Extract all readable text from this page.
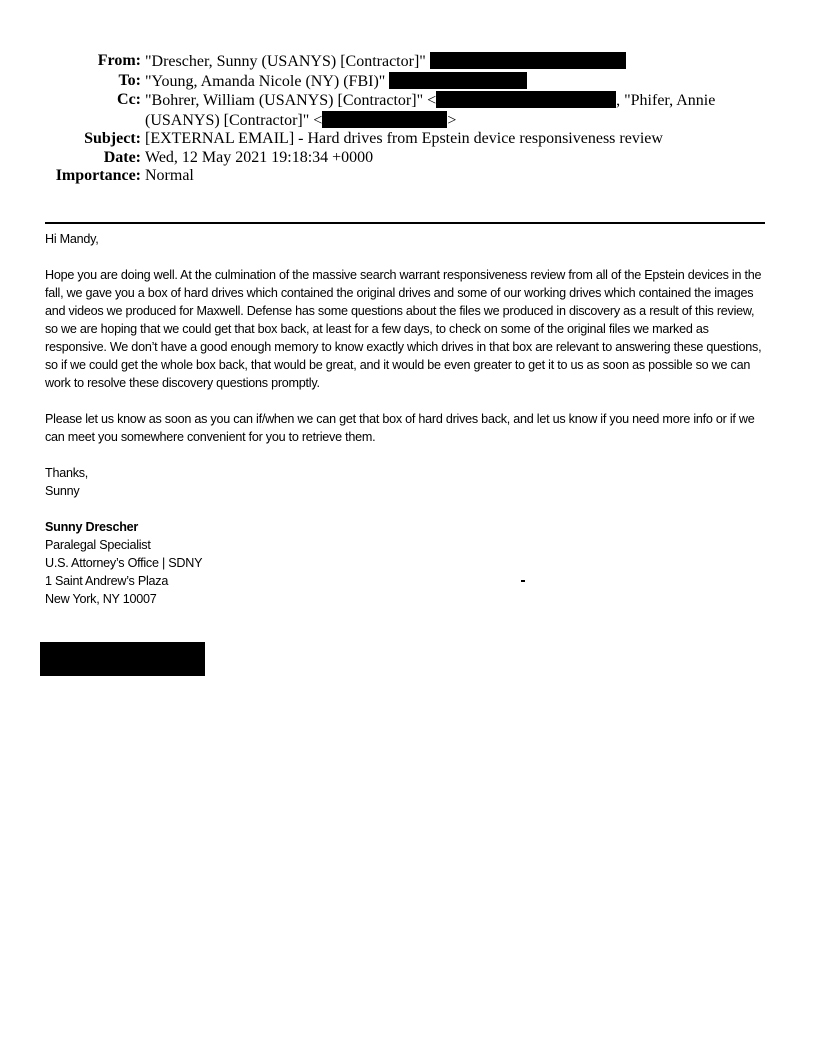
From: "Drescher, Sunny (USANYS) [Contractor]"
To: "Young, Amanda Nicole (NY) (FBI)"
Cc: "Bohrer, William (USANYS) [Contractor]" <	, "Phifer, Annie
(USANYS) [Contractor]" <	>
Subject: [EXTERNAL EMAIL] - Hard drives from Epstein device responsiveness review
Date: Wed, 12 May 2021 19:18:34 +0000
Importance: Normal

Hi Mandy,

Hope you are doing well. At the culmination of the massive search warrant responsiveness review from all of the Epstein devices in the fall, we gave you a box of hard drives which contained the original drives and some of our working drives which contained the images and videos we produced for Maxwell. Defense has some questions about the files we produced in discovery as a result of this review, so we are hoping that we could get that box back, at least for a few days, to check on some of the original files we marked as responsive. We don’t have a good enough memory to know exactly which drives in that box are relevant to answering these questions, so if we could get the whole box back, that would be great, and it would be even greater to get it to us as soon as possible so we can work to resolve these discovery questions promptly.

Please let us know as soon as you can if/when we can get that box of hard drives back, and let us know if you need more info or if we can meet you somewhere convenient for you to retrieve them.

Thanks,
Sunny

Sunny Drescher
Paralegal Specialist
U.S. Attorney’s Office | SDNY
1 Saint Andrew’s Plaza
New York, NY 10007
